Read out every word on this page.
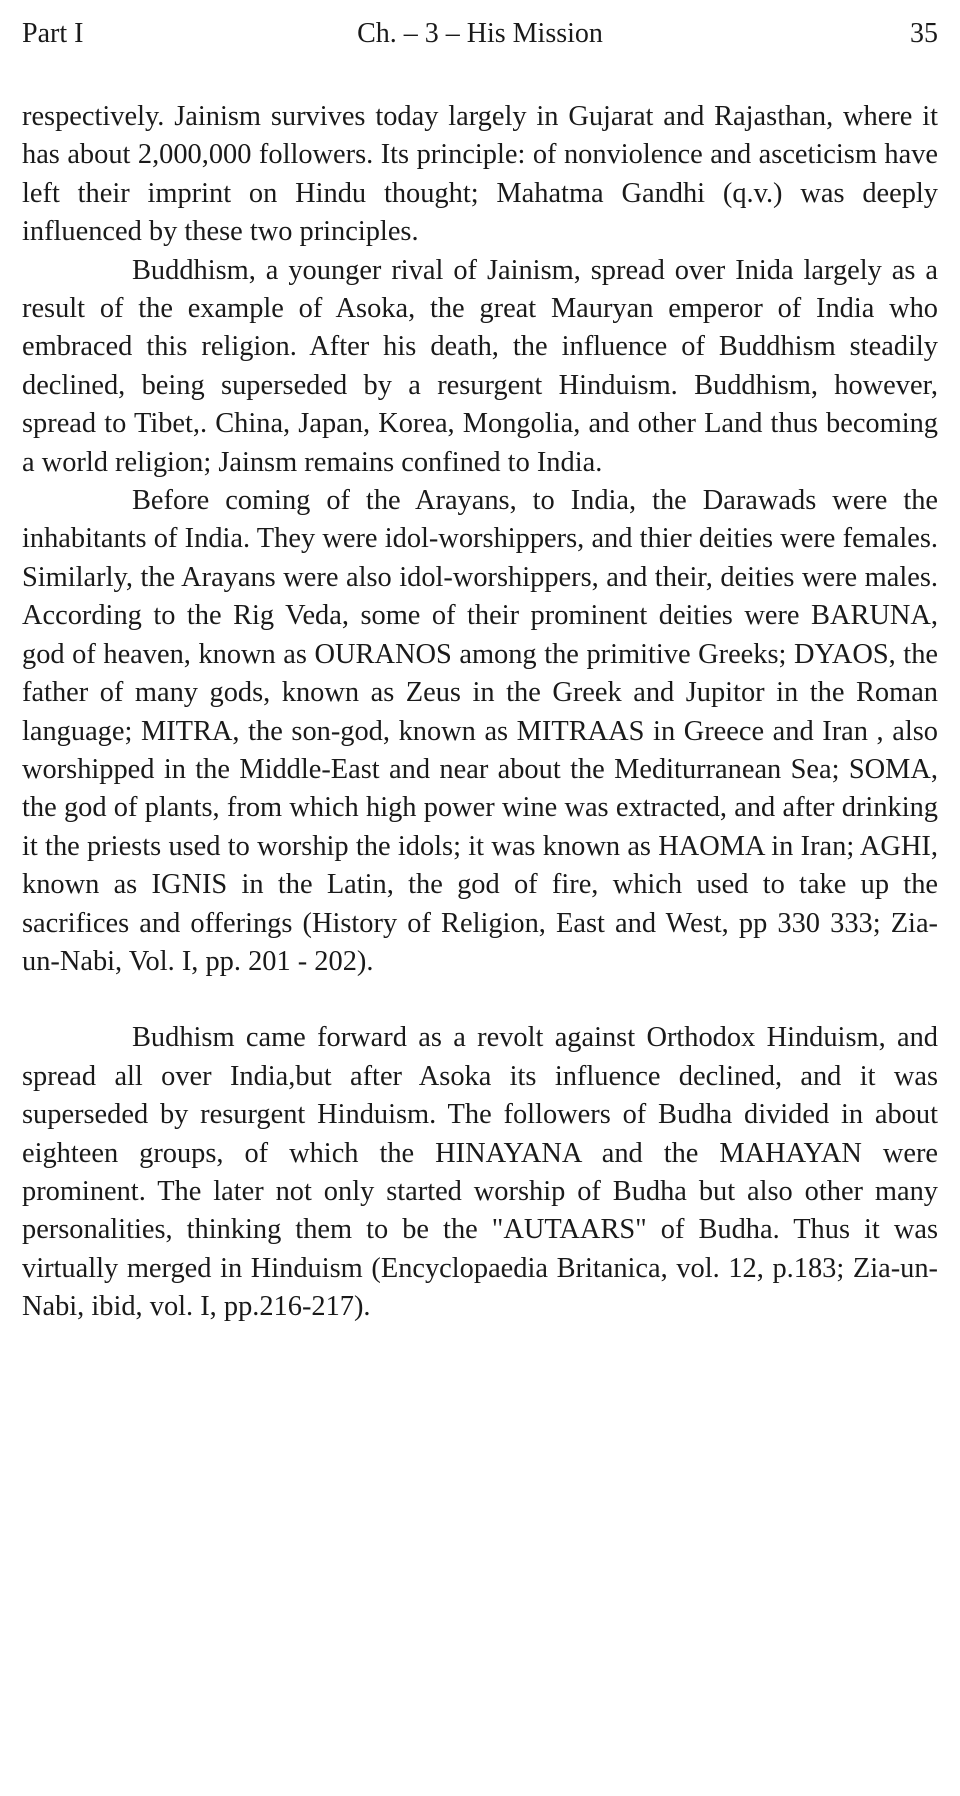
Part I	Ch. – 3 – His Mission	35

respectively. Jainism survives today largely in Gujarat and Rajasthan, where it has about 2,000,000 followers. Its principle: of nonviolence and asceticism have left their imprint on Hindu thought; Mahatma Gandhi (q.v.) was deeply influenced by these two principles.

Buddhism, a younger rival of Jainism, spread over Inida largely as a result of the example of Asoka, the great Mauryan emperor of India who embraced this religion. After his death, the influence of Buddhism steadily declined, being superseded by a resurgent Hinduism. Buddhism, however, spread to Tibet,. China, Japan, Korea, Mongolia, and other Land thus becoming a world religion; Jainsm remains confined to India.

Before coming of the Arayans, to India, the Darawads were the inhabitants of India. They were idol-worshippers, and thier deities were females. Similarly, the Arayans were also idol-worshippers, and their, deities were males. According to the Rig Veda, some of their prominent deities were BARUNA, god of heaven, known as OURANOS among the primitive Greeks; DYAOS, the father of many gods, known as Zeus in the Greek and Jupitor in the Roman language; MITRA, the son-god, known as MITRAAS in Greece and Iran , also worshipped in the Middle-East and near about the Mediturranean Sea; SOMA, the god of plants, from which high power wine was extracted, and after drinking it the priests used to worship the idols; it was known as HAOMA in Iran; AGHI, known as IGNIS in the Latin, the god of fire, which used to take up the sacrifices and offerings (History of Religion, East and West, pp 330 333; Zia-un-Nabi, Vol. I, pp. 201 - 202).

Budhism came forward as a revolt against Orthodox Hinduism, and spread all over India,but after Asoka its influence declined, and it was superseded by resurgent Hinduism. The followers of Budha divided in about eighteen groups, of which the HINAYANA and the MAHAYAN were prominent. The later not only started worship of Budha but also other many personalities, thinking them to be the "AUTAARS" of Budha. Thus it was virtually merged in Hinduism (Encyclopaedia Britanica, vol. 12, p.183; Zia-un-Nabi, ibid, vol. I, pp.216-217).
